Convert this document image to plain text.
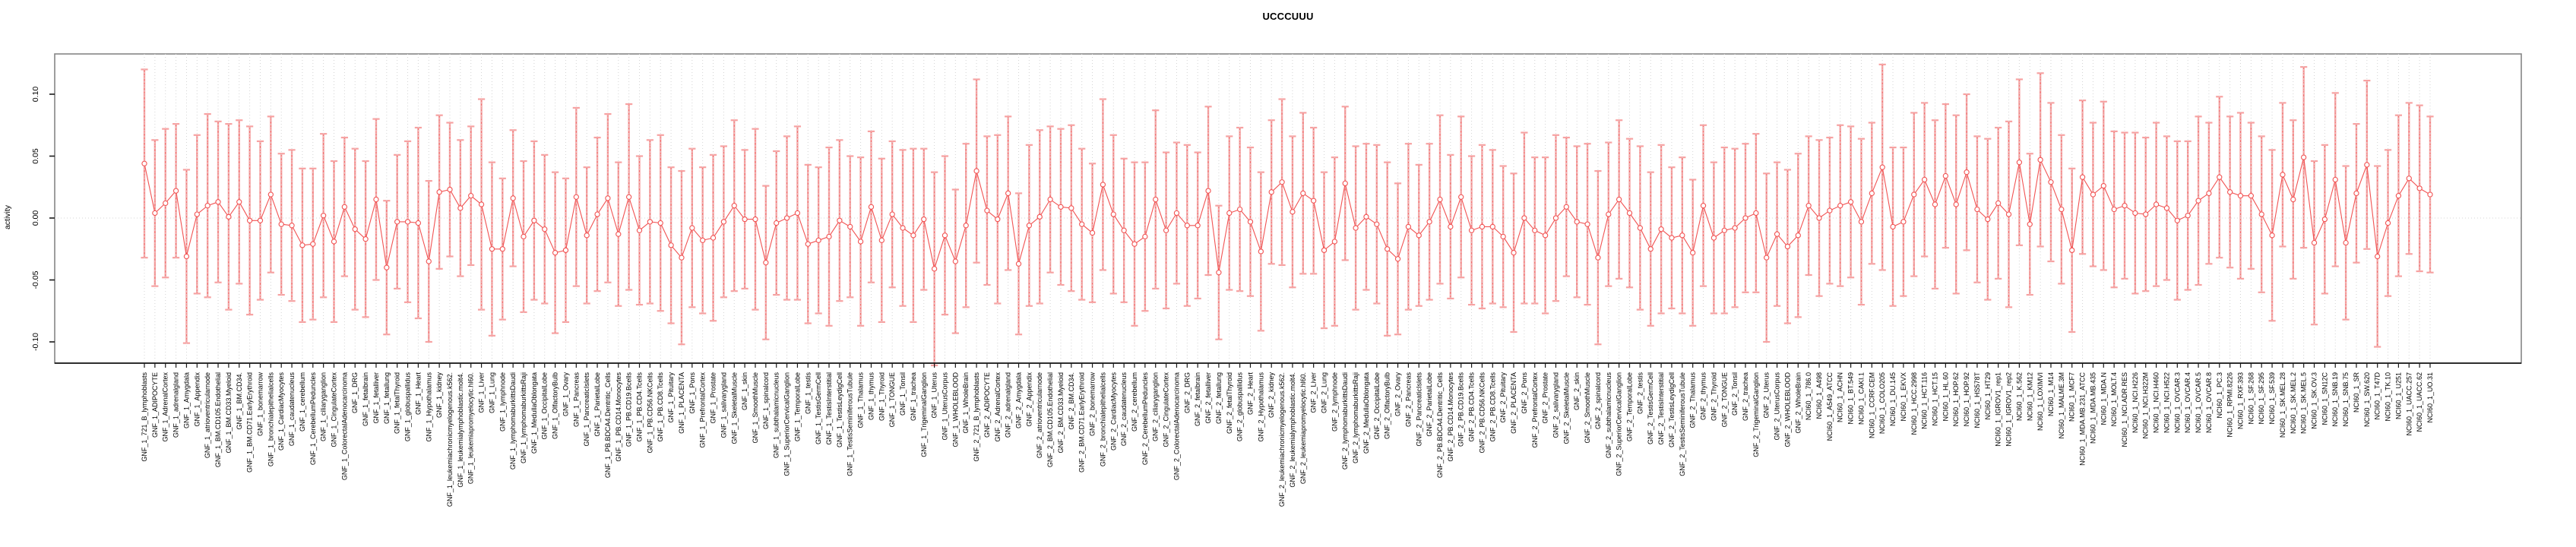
-0.10
-0.05
0.00
0.05
0.10
GNF_1_721_B_lymphoblasts GNF_1_ADIPOCYTE GNF_1_AdrenalCortex GNF_1_adrenalgland GNF_1_Amygdala GNF_1_Appendix GNF_1_atrioventricularnode GNF_1_BM.CD105.Endothelial GNF_1_BM.CD33.Myeloid GNF_1_BM.CD34. GNF_1_BM.CD71.EarlyErythroid GNF_1_bonemarrow GNF_1_bronchialepithelialcells GNF_1_CardiacMyocytes GNF_1_caudatenucleus GNF_1_cerebellum GNF_1_CerebellumPeduncles GNF_1_ciliaryganglion GNF_1_CingulateCortex GNF_1_ColorectalAdenocarcinoma GNF_1_DRG GNF_1_fetalbrain GNF_1_fetalliver GNF_1_fetallung GNF_1_fetalThyroid GNF_1_globuspallidus GNF_1_Heart GNF_1_Hypothalamus GNF_1_kidney GNF_1_leukemiachronicmyelogenous.k562. GNF_1_leukemialymphoblastic.molt4. GNF_1_leukemiapromyelocytic.hl60. GNF_1_Liver GNF_1_Lung GNF_1_lymphnode GNF_1_lymphomaburkittsDaudi GNF_1_lymphomaburkittsRaji GNF_1_MedullaOblongata GNF_1_OccipitalLobe GNF_1_OlfactoryBulb GNF_1_Ovary GNF_1_Pancreas GNF_1_PancreaticIslets GNF_1_ParietalLobe GNF_1_PB.BDCA4.Dentritic_Cells GNF_1_PB.CD14.Monocytes GNF_1_PB.CD19.Bcells GNF_1_PB.CD4.Tcells GNF_1_PB.CD56.NKCells GNF_1_PB.CD8.Tcells GNF_1_Pituitary GNF_1_PLACENTA GNF_1_Pons GNF_1_PrefrontalCortex GNF_1_Prostate GNF_1_salivarygland GNF_1_SkeletalMuscle GNF_1_skin GNF_1_SmoothMuscle GNF_1_spinalcord GNF_1_subthalamicnucleus GNF_1_SuperiorCervicalGanglion GNF_1_TemporalLobe GNF_1_testis GNF_1_TestisGermCell GNF_1_TestisInterstitial GNF_1_TestisLeydigCell GNF_1_TestisSeminiferousTubule GNF_1_Thalamus GNF_1_thymus GNF_1_Thyroid GNF_1_TONGUE GNF_1_Tonsil GNF_1_trachea GNF_1_TrigeminalGanglion GNF_1_Uterus GNF_1_UterusCorpus GNF_1_WHOLEBLOOD GNF_1_WholeBrain GNF_2_721_B_lymphoblasts GNF_2_ADIPOCYTE GNF_2_AdrenalCortex GNF_2_adrenalgland GNF_2_Amygdala GNF_2_Appendix GNF_2_atrioventricularnode GNF_2_BM.CD105.Endothelial GNF_2_BM.CD33.Myeloid GNF_2_BM.CD34. GNF_2_BM.CD71.EarlyErythroid GNF_2_bonemarrow GNF_2_bronchialepithelialcells GNF_2_CardiacMyocytes GNF_2_caudatenucleus GNF_2_cerebellum GNF_2_CerebellumPeduncles GNF_2_ciliaryganglion GNF_2_CingulateCortex GNF_2_ColorectalAdenocarcinoma GNF_2_DRG GNF_2_fetalbrain GNF_2_fetalliver GNF_2_fetallung GNF_2_fetalThyroid GNF_2_globuspallidus GNF_2_Heart GNF_2_Hypothalamus GNF_2_kidney GNF_2_leukemiachronicmyelogenous.k562. GNF_2_leukemialymphoblastic.molt4. GNF_2_leukemiapromyelocytic.hl60. GNF_2_Liver GNF_2_Lung GNF_2_lymphnode GNF_2_lymphomaburkittsDaudi GNF_2_lymphomaburkittsRaji GNF_2_MedullaOblongata GNF_2_OccipitalLobe GNF_2_OlfactoryBulb GNF_2_Ovary GNF_2_Pancreas GNF_2_PancreaticIslets GNF_2_ParietalLobe GNF_2_PB.BDCA4.Dentritic_Cells GNF_2_PB.CD14.Monocytes GNF_2_PB.CD19.Bcells GNF_2_PB.CD4.Tcells GNF_2_PB.CD56.NKCells GNF_2_PB.CD8.Tcells GNF_2_Pituitary GNF_2_PLACENTA GNF_2_Pons GNF_2_PrefrontalCortex GNF_2_Prostate GNF_2_salivarygland GNF_2_SkeletalMuscle GNF_2_skin GNF_2_SmoothMuscle GNF_2_spinalcord GNF_2_subthalamicnucleus GNF_2_SuperiorCervicalGanglion GNF_2_TemporalLobe GNF_2_testis GNF_2_TestisGermCell GNF_2_TestisInterstitial GNF_2_TestisLeydigCell GNF_2_TestisSeminiferousTubule GNF_2_Thalamus GNF_2_thymus GNF_2_Thyroid GNF_2_TONGUE GNF_2_Tonsil GNF_2_trachea GNF_2_TrigeminalGanglion GNF_2_Uterus GNF_2_UterusCorpus GNF_2_WHOLEBLOOD GNF_2_WholeBrain NCI60_1_786.0 NCI60_1_A498 NCI60_1_A549_ATCC NCI60_1_ACHN NCI60_1_BT.549 NCI60_1_CAKI.1 NCI60_1_CCRF.CEM NCI60_1_COLO205 NCI60_1_DU.145 NCI60_1_EKVX NCI60_1_HCC.2998 NCI60_1_HCT.116 NCI60_1_HCT.15 NCI60_1_HL.60 NCI60_1_HOP.62 NCI60_1_HOP.92 NCI60_1_HS578T NCI60_1_HT29 NCI60_1_IGROV1_rep1 NCI60_1_IGROV1_rep2 NCI60_1_K.562 NCI60_1_KM12 NCI60_1_LOXIMVI NCI60_1_M14 NCI60_1_MALME.3M NCI60_1_MCF7 NCI60_1_MDA.MB.231_ATCC NCI60_1_MDA.MB.435 NCI60_1_MDA.N NCI60_1_MOLT.4 NCI60_1_NCI.ADR.RES NCI60_1_NCI.H226 NCI60_1_NCI.H322M NCI60_1_NCI.H460 NCI60_1_NCI.H522 NCI60_1_OVCAR.3 NCI60_1_OVCAR.4 NCI60_1_OVCAR.5 NCI60_1_OVCAR.8 NCI60_1_PC.3 NCI60_1_RPMI.8226 NCI60_1_RXF.393 NCI60_1_SF.268 NCI60_1_SF.295 NCI60_1_SF.539 NCI60_1_SK.MEL.28 NCI60_1_SK.MEL.2 NCI60_1_SK.MEL.5 NCI60_1_SK.OV.3 NCI60_1_SN12C NCI60_1_SNB.19 NCI60_1_SNB.75 NCI60_1_SR NCI60_1_SW.620 NCI60_1_T47D NCI60_1_TK.10 NCI60_1_U251 NCI60_1_UACC.257 NCI60_1_UACC.62 NCI60_1_UO.31
UCCCUUU
activity
